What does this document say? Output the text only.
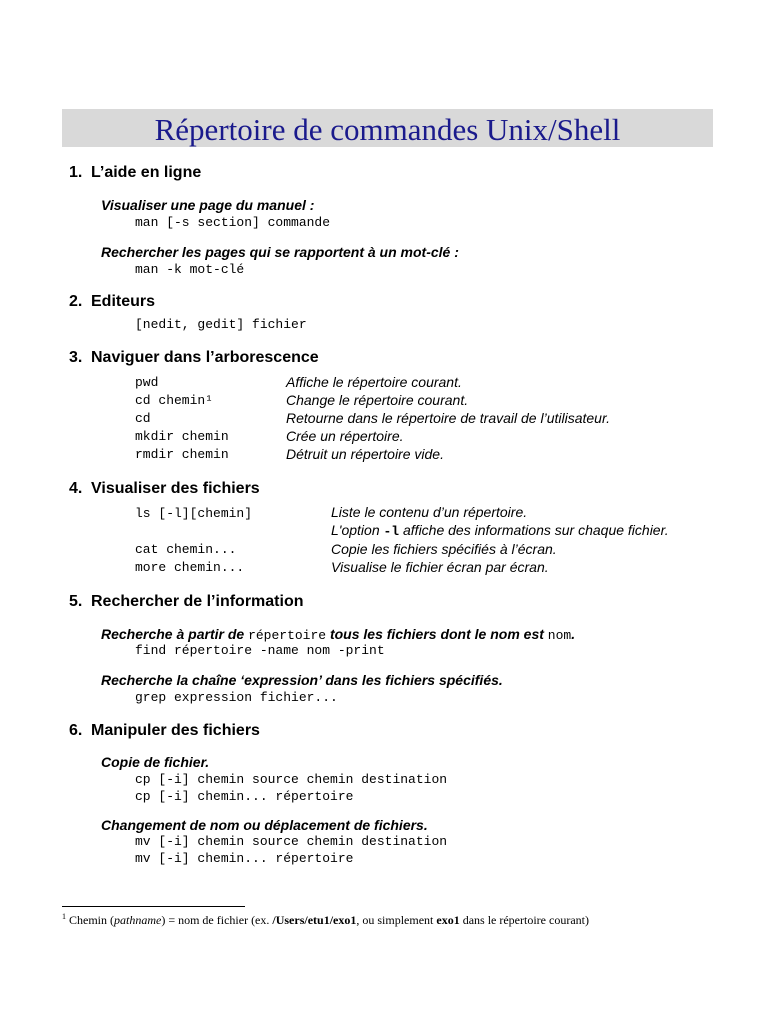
Répertoire de commandes Unix/Shell
1. L’aide en ligne
Visualiser une page du manuel :
man [-s section] commande
Rechercher les pages qui se rapportent à un mot-clé :
man -k mot-clé
2. Editeurs
[nedit, gedit] fichier
3. Naviguer dans l’arborescence
pwd	Affiche le répertoire courant.
cd chemin¹	Change le répertoire courant.
cd	Retourne dans le répertoire de travail de l’utilisateur.
mkdir chemin	Crée un répertoire.
rmdir chemin	Détruit un répertoire vide.
4. Visualiser des fichiers
ls [-l][chemin]	Liste le contenu d’un répertoire.
L'option -l affiche des informations sur chaque fichier.
cat chemin...	Copie les fichiers spécifiés à l’écran.
more chemin...	Visualise le fichier écran par écran.
5. Rechercher de l’information
Recherche à partir de répertoire tous les fichiers dont le nom est nom.
find répertoire -name nom -print
Recherche la chaîne ‘expression’ dans les fichiers spécifiés.
grep expression fichier...
6. Manipuler des fichiers
Copie de fichier.
cp [-i] chemin source chemin destination
cp [-i] chemin... répertoire
Changement de nom ou déplacement de fichiers.
mv [-i] chemin source chemin destination
mv [-i] chemin... répertoire
$^1$ Chemin (pathname) = nom de fichier (ex. /Users/etu1/exo1, ou simplement exo1 dans le répertoire courant)
